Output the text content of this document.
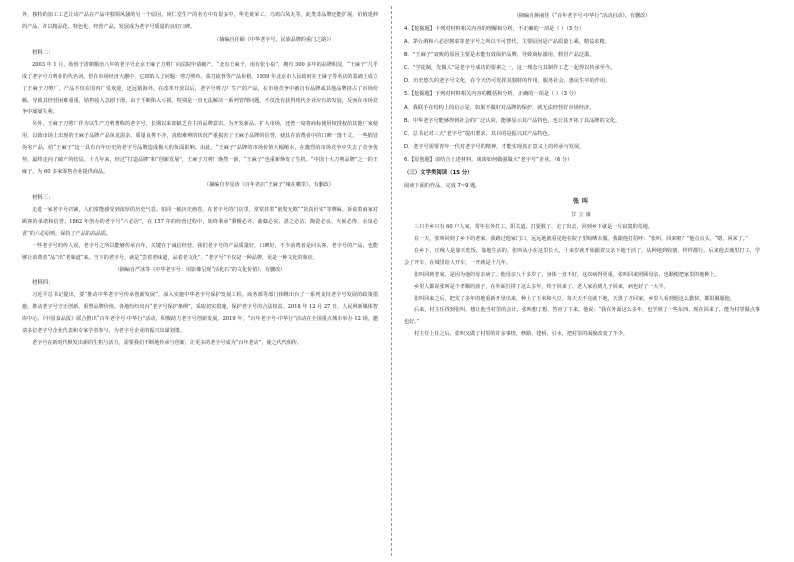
外，独特的加工工艺让该产品在产品中独领风骚的另一个原因。同仁堂生产的名方中有很多中，华光黄荣工、乌鸡白凤丸等。此类非品牌还能扩展，价值延伸的产品，并以精品化、特色化，经营产品，发展成为老字号质量的良好口碑。

（摘编自任颐《中华老字号，民族品牌的重门之路》）

材料二：

2003 年 1 月，始创于清朝顺治八年的老字号北京王麻子刀剪厂向法院申请破产。“北有王麻子，南有张小泉”，拥有 300 多年的品牌积淀，“王麻子”几乎成了老字号刀剪业的代名词。但在市场经济大潮中，它却陷入了问题：剪刀剪布、菜刀砍骨等产品价格，1959 年北京市人民政府在王麻子等名店的基础上成立了王麻子刀剪厂，产品不仅在国内广受欢迎，还远销海外。在改革开放以后，老字号剪刀厂生产的产品，在市场竞争中被自有品牌或其他品牌挤占了市场份额，导致其经营困难重重，销售收入急剧下滑。由于不断陷入亏损，特别是一直无法解决一系列管理问题，不仅没有获得现代企业应有的发展，反而在市场竞争中屡屡失利。

另外，王麻子刀剪厂作为以生产刀剪著称的老字号，长期以来却缺乏自主的品牌意识。为开发新品、扩大市场，还曾一度将商标使用权授权给其他厂家使用，以致市场上出现的王麻子品牌产品鱼龙混杂、质量良莠不齐，真假难辨的状况严重损害了王麻子品牌的信誉，使其在消费者中的口碑一落千丈。一些假冒伪劣产品，给“王麻子”这一具有百年历史的老字号品牌造成极大的负面影响。由此，“王麻子”品牌的市场价值大幅缩水，在激烈的市场竞争中失去了竞争优势，最终走向了破产的结局。十九年来，经过“打造品牌”和“创新发展”，王麻子刀剪厂焕然一新，“王麻子”也重新焕发了生机。“中国十大刀剪品牌”之一的王麻子，为 60 多家零售企业提供商品。

（摘编自李星涛《百年老店“王麻子”缘在哪里》，有删改）

材料三：

走进一家老字号店铺，人们常能感受到浓厚的历史气息。如同一幅历史画卷，在老字号的门店里，常常挂着“童叟无欺”“货真价实”等牌匾，诉说着商家对顾客的承诺和信誉。1862 年创办的老字号“六必居”，在 157 年的经营过程中，始终秉承“黍稷必齐、曲蘖必实、湛之必洁、陶瓷必良、火候必得、水泉必香”的六必原则，保持了产品的高品质。

一些老字号的传人说，老字号之所以能够传承百年，关键在于诚信经营。我们老字号的产品质量好，口碑好，不少消费者是回头客。老字号的产品，也能够让消费者“品”出“老味道”来。当下的老字号，就是“尝着老味道，品着老文化”。“老字号”不仅是一种品牌，更是一种文化的象征。

（摘编自严冰等《中华老字号：用影像呈现“活化石”的文化价值》，有删改）

材料四：

习近平总书记提出，要“推动中华老字号传承创新发展”，深入实施中华老字号保护发展工程。商务部等部门相继出台了一系列支持老字号发展的政策措施，推动老字号守正创新、重塑品牌价值。各地纷纷出台“老字号保护条例”，采取切实措施，保护老字号的合法权益。2018 年 12 月 27 日，人民网新媒体智库中心、《中国食品报》联合推出“百年老字号·中华行”活动，积极助力老字号创新发展。2019 年，“百年老字号·中华行”活动在全国重点城市举办 12 场，邀请多位老字号企业代表和专家学者参与，为老字号企业的振兴出谋划策。

老字号在新时代焕发出新的生机与活力，需要我们不断地传承与创新，让更多的老字号成为“百年老店”，使之代代相传。

（摘编自蒋丽佳《“百年老字号·中华行”活动启动》，有删改）

4.【挖掘题】下列对材料相关内容的理解和分析，不正确的一项是（ ）（3 分）

A．茅台酒和六必居酱菜等老字号之所以不可替代，主要原因是产品质量上乘，精益求精。

B．“王麻子”衰败的原因主要是未能有效保护品牌，导致商标滥用，假冒产品泛滥。

C．“学徒制，先做人”是老字号成功的要素之一，这一理念与其制作工艺一起得以传承至今。

D．历史悠久的老字号文化，在今天仍可发挥其独特的作用，服务社会，惠民生中的作用。

5.【挖掘题】下列对材料相关内容的概括和分析，正确的一项是（ ）（3 分）

A．我联手在结构上的启示是，如果不做好对品牌的保护，就无法经营好市场经济。

B．中华老字号能够得到社会的广泛认同，能够显示其产品特色，也让其开拓了其品牌的文化。

C．总书记对三大“老字号”提出要求，其目的是振兴其产品特色。

D．老字号需要青年一代对老字号的精神，才能实现真正意义上的传承与发展。

6.【原创题】请结合上述材料，谈谈如何做强做大“老字号”企业。（6 分）

（三）文学类阅读（15 分）

阅读下面的作品，完成 7~9 题。

张叫

甘立康

三只羊乡只有 60 户人家，常年在外打工，阳关道，打耍猴了，走了出去，回到乡下就是一片寂寞的荒地。

有一天，张叫回到了乡下的老家，我路过他家门口，远远地就看见他在院子里晾晒衣服。我跟他打招呼：“张叫，回来啦？”他点点头，“嗯，回来了。”

在乡下，庄稼人是靠天吃饭，靠地生活的。张叫从小在这里长大，十来岁就开始跟着父亲下地干活了。从种地到收割，样样都行。后来他去城里打工，学会了开车，在城里给人开车，一开就是十几年。

张叫回到老家，是因为他的母亲病了。他母亲八十多岁了，身体一直不好，这次病得更重。张叫回来照顾母亲，也顺便把家里的地种上。

乡里人都说张叫是个孝顺的孩子，在外面打拼了这么多年，终于回来了。老人家看到儿子回来，病也好了一大半。

张叫回来之后，把荒了多年的地重新开垦出来，种上了玉米和大豆。每天天不亮就下地，天黑了才回家。乡里人看到他这么勤快，都很佩服他。

后来，村主任找到张叫，想让他当村里的会计。张叫想了想，答应了下来。他说：“我在外面这么多年，也学到了一些东西，现在回来了，能为村里做点事也好。”

村主任上任之后，张叫又做了村里的许多事情，修路、建桥、引水，把村里的面貌改变了不少。
